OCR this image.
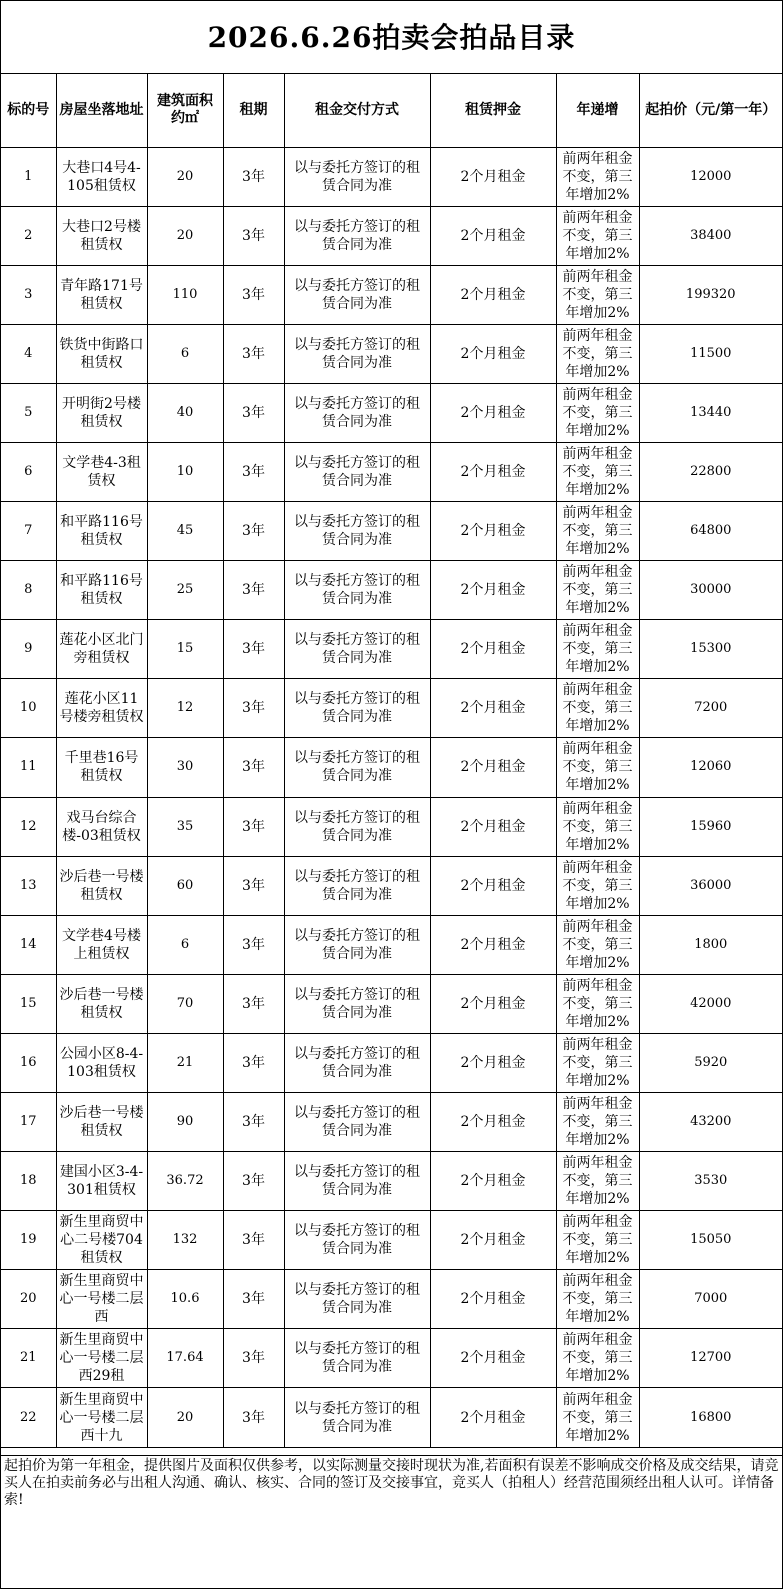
2026.6.26拍卖会拍品目录
标的号	房屋坐落地址	建筑面积约㎡	租期	租金交付方式	租赁押金	年递增	起拍价（元/第一年）
1	大巷口4号4-105租赁权	20	3年	以与委托方签订的租赁合同为准	2个月租金	前两年租金不变，第三年增加2%	12000
2	大巷口2号楼租赁权	20	3年	以与委托方签订的租赁合同为准	2个月租金	前两年租金不变，第三年增加2%	38400
3	青年路171号租赁权	110	3年	以与委托方签订的租赁合同为准	2个月租金	前两年租金不变，第三年增加2%	199320
4	铁货中街路口租赁权	6	3年	以与委托方签订的租赁合同为准	2个月租金	前两年租金不变，第三年增加2%	11500
5	开明街2号楼租赁权	40	3年	以与委托方签订的租赁合同为准	2个月租金	前两年租金不变，第三年增加2%	13440
6	文学巷4-3租赁权	10	3年	以与委托方签订的租赁合同为准	2个月租金	前两年租金不变，第三年增加2%	22800
7	和平路116号租赁权	45	3年	以与委托方签订的租赁合同为准	2个月租金	前两年租金不变，第三年增加2%	64800
8	和平路116号租赁权	25	3年	以与委托方签订的租赁合同为准	2个月租金	前两年租金不变，第三年增加2%	30000
9	莲花小区北门旁租赁权	15	3年	以与委托方签订的租赁合同为准	2个月租金	前两年租金不变，第三年增加2%	15300
10	莲花小区11号楼旁租赁权	12	3年	以与委托方签订的租赁合同为准	2个月租金	前两年租金不变，第三年增加2%	7200
11	千里巷16号租赁权	30	3年	以与委托方签订的租赁合同为准	2个月租金	前两年租金不变，第三年增加2%	12060
12	戏马台综合楼-03租赁权	35	3年	以与委托方签订的租赁合同为准	2个月租金	前两年租金不变，第三年增加2%	15960
13	沙后巷一号楼租赁权	60	3年	以与委托方签订的租赁合同为准	2个月租金	前两年租金不变，第三年增加2%	36000
14	文学巷4号楼上租赁权	6	3年	以与委托方签订的租赁合同为准	2个月租金	前两年租金不变，第三年增加2%	1800
15	沙后巷一号楼租赁权	70	3年	以与委托方签订的租赁合同为准	2个月租金	前两年租金不变，第三年增加2%	42000
16	公园小区8-4-103租赁权	21	3年	以与委托方签订的租赁合同为准	2个月租金	前两年租金不变，第三年增加2%	5920
17	沙后巷一号楼租赁权	90	3年	以与委托方签订的租赁合同为准	2个月租金	前两年租金不变，第三年增加2%	43200
18	建国小区3-4-301租赁权	36.72	3年	以与委托方签订的租赁合同为准	2个月租金	前两年租金不变，第三年增加2%	3530
19	新生里商贸中心二号楼704租赁权	132	3年	以与委托方签订的租赁合同为准	2个月租金	前两年租金不变，第三年增加2%	15050
20	新生里商贸中心一号楼二层西	10.6	3年	以与委托方签订的租赁合同为准	2个月租金	前两年租金不变，第三年增加2%	7000
21	新生里商贸中心一号楼二层西29租	17.64	3年	以与委托方签订的租赁合同为准	2个月租金	前两年租金不变，第三年增加2%	12700
22	新生里商贸中心一号楼二层西十九	20	3年	以与委托方签订的租赁合同为准	2个月租金	前两年租金不变，第三年增加2%	16800
起拍价为第一年租金，提供图片及面积仅供参考，以实际测量交接时现状为准,若面积有误差不影响成交价格及成交结果，请竞买人在拍卖前务必与出租人沟通、确认、核实、合同的签订及交接事宜，竞买人（拍租人）经营范围须经出租人认可。详情备索!
